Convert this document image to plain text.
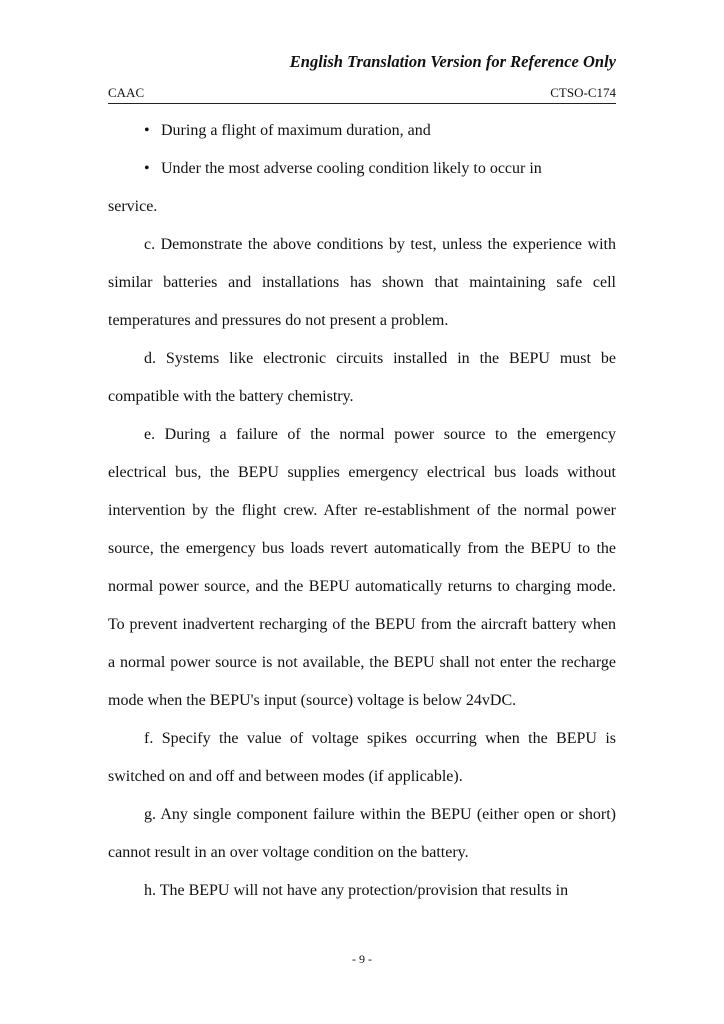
English Translation Version for Reference Only
CAAC	CTSO-C174

• During a flight of maximum duration, and

• Under the most adverse cooling condition likely to occur in

service.

c. Demonstrate the above conditions by test, unless the experience with similar batteries and installations has shown that maintaining safe cell temperatures and pressures do not present a problem.

d. Systems like electronic circuits installed in the BEPU must be compatible with the battery chemistry.

e. During a failure of the normal power source to the emergency electrical bus, the BEPU supplies emergency electrical bus loads without intervention by the flight crew. After re-establishment of the normal power source, the emergency bus loads revert automatically from the BEPU to the normal power source, and the BEPU automatically returns to charging mode. To prevent inadvertent recharging of the BEPU from the aircraft battery when a normal power source is not available, the BEPU shall not enter the recharge mode when the BEPU's input (source) voltage is below 24vDC.

f. Specify the value of voltage spikes occurring when the BEPU is switched on and off and between modes (if applicable).

g. Any single component failure within the BEPU (either open or short) cannot result in an over voltage condition on the battery.

h. The BEPU will not have any protection/provision that results in

- 9 -
